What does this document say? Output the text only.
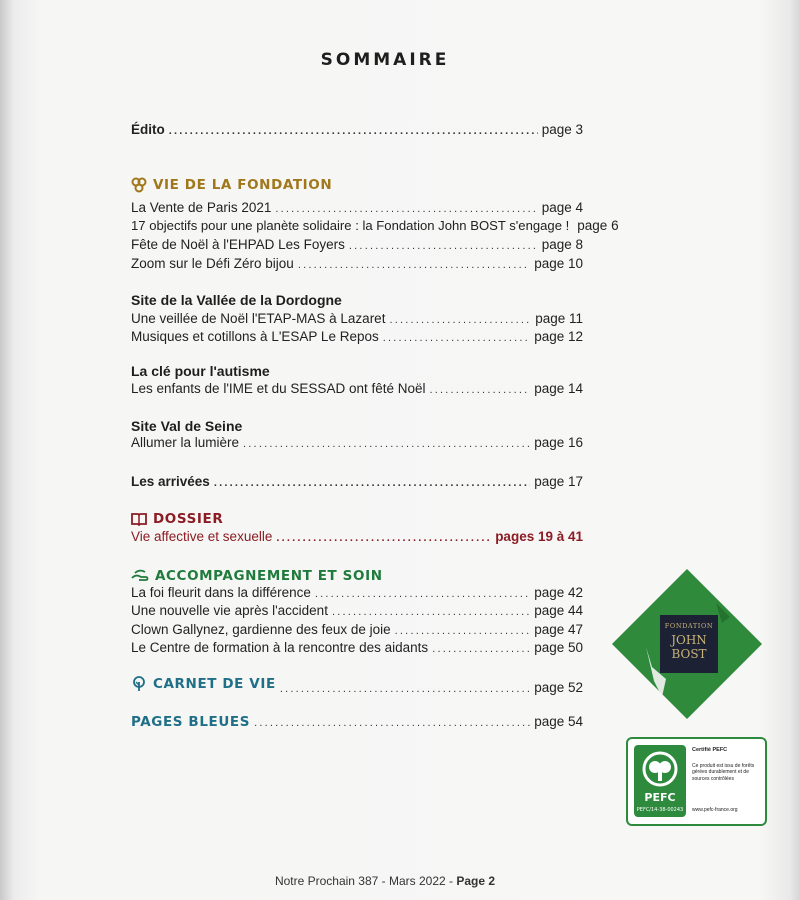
SOMMAIRE
Édito .....	page 3
VIE DE LA FONDATION
La Vente de Paris 2021 .....	page 4
17 objectifs pour une planète solidaire : la Fondation John BOST s'engage ! page 6
Fête de Noël à l'EHPAD Les Foyers .....	page 8
Zoom sur le Défi Zéro bijou .....	page 10
Site de la Vallée de la Dordogne
Une veillée de Noël l'ETAP-MAS à Lazaret .....	page 11
Musiques et cotillons à L'ESAP Le Repos .....	page 12
La clé pour l'autisme
Les enfants de l'IME et du SESSAD ont fêté Noël .....	page 14
Site Val de Seine
Allumer la lumière .....	page 16
Les arrivées .....	page 17
DOSSIER
Vie affective et sexuelle .....	pages 19 à 41
ACCOMPAGNEMENT ET SOIN
La foi fleurit dans la différence .....	page 42
Une nouvelle vie après l'accident .....	page 44
Clown Gallynez, gardienne des feux de joie .....	page 47
Le Centre de formation à la rencontre des aidants .....	page 50
CARNET DE VIE .....	page 52
PAGES BLEUES .....	page 54
FONDATION
JOHN
BOST
PEFC
PEFC/14-38-00243
Certifié PEFC
Ce produit est issu de forêts gérées durablement et de sources contrôlées
www.pefc-france.org
Notre Prochain 387 - Mars 2022 - Page 2
